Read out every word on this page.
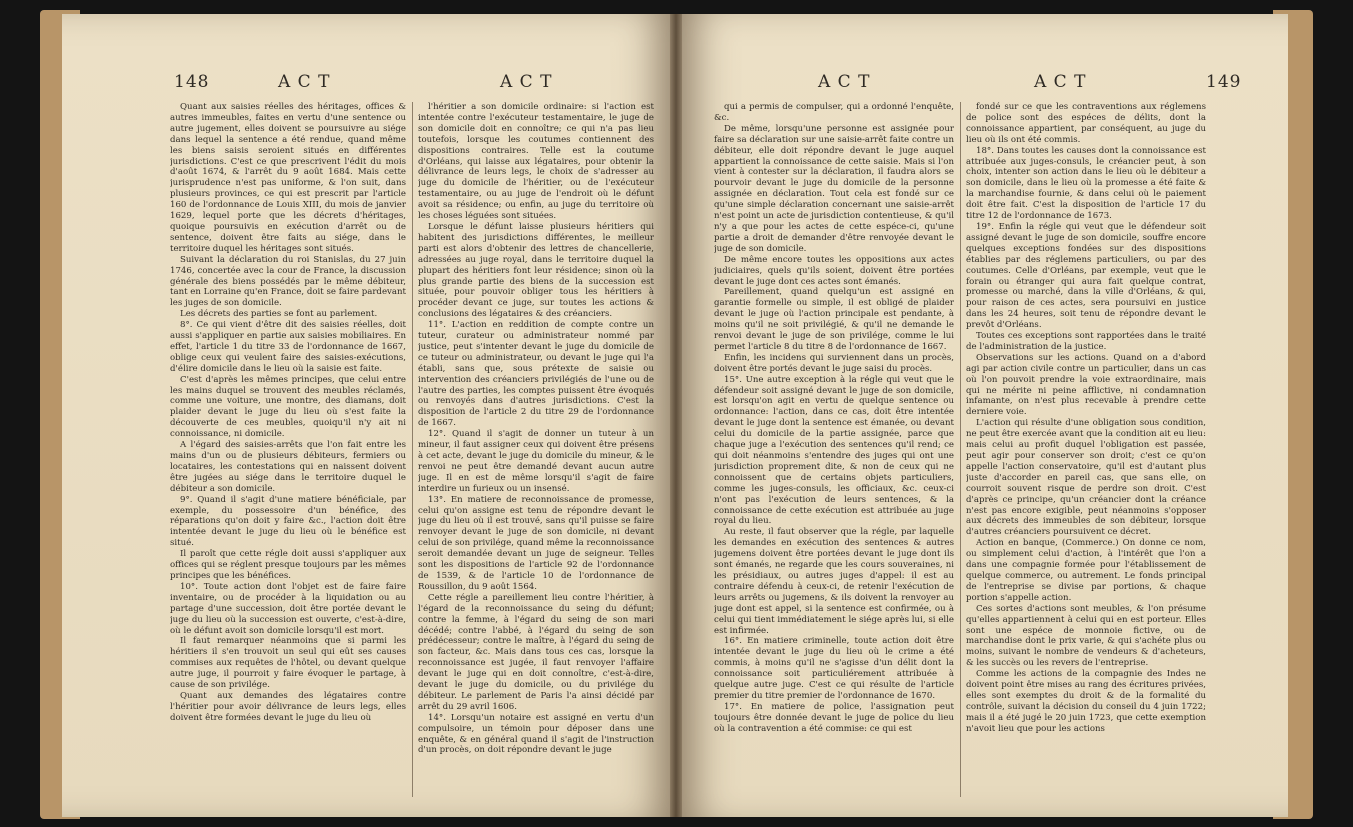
148	A C T	A C T

Quant aux saisies réelles des héritages, offices & autres immeubles, faites en vertu d'une sentence ou autre jugement, elles doivent se poursuivre au siége dans lequel la sentence a été rendue, quand même les biens saisis seroient situés en différentes jurisdictions. C'est ce que prescrivent l'édit du mois d'août 1674, & l'arrêt du 9 août 1684. Mais cette jurisprudence n'est pas uniforme, & l'on suit, dans plusieurs provinces, ce qui est prescrit par l'article 160 de l'ordonnance de Louis XIII, du mois de janvier 1629, lequel porte que les décrets d'héritages, quoique poursuivis en exécution d'arrêt ou de sentence, doivent être faits au siége, dans le territoire duquel les héritages sont situés.

Suivant la déclaration du roi Stanislas, du 27 juin 1746, concertée avec la cour de France, la discussion générale des biens possédés par le même débiteur, tant en Lorraine qu'en France, doit se faire pardevant les juges de son domicile.

Les décrets des parties se font au parlement.

8°. Ce qui vient d'être dit des saisies réelles, doit aussi s'appliquer en partie aux saisies mobiliaires. En effet, l'article 1 du titre 33 de l'ordonnance de 1667, oblige ceux qui veulent faire des saisies-exécutions, d'élire domicile dans le lieu où la saisie est faite.

C'est d'après les mêmes principes, que celui entre les mains duquel se trouvent des meubles réclamés, comme une voiture, une montre, des diamans, doit plaider devant le juge du lieu où s'est faite la découverte de ces meubles, quoiqu'il n'y ait ni connoissance, ni domicile.

A l'égard des saisies-arrêts que l'on fait entre les mains d'un ou de plusieurs débiteurs, fermiers ou locataires, les contestations qui en naissent doivent être jugées au siége dans le territoire duquel le débiteur a son domicile.

9°. Quand il s'agit d'une matiere bénéficiale, par exemple, du possessoire d'un bénéfice, des réparations qu'on doit y faire &c., l'action doit être intentée devant le juge du lieu où le bénéfice est situé.

Il paroît que cette régle doit aussi s'appliquer aux offices qui se réglent presque toujours par les mêmes principes que les bénéfices.

10°. Toute action dont l'objet est de faire faire inventaire, ou de procéder à la liquidation ou au partage d'une succession, doit être portée devant le juge du lieu où la succession est ouverte, c'est-à-dire, où le défunt avoit son domicile lorsqu'il est mort.

Il faut remarquer néanmoins que si parmi les héritiers il s'en trouvoit un seul qui eût ses causes commises aux requêtes de l'hôtel, ou devant quelque autre juge, il pourroit y faire évoquer le partage, à cause de son privilége.

Quant aux demandes des légataires contre l'héritier pour avoir délivrance de leurs legs, elles doivent être formées devant le juge du lieu où

l'héritier a son domicile ordinaire: si l'action est intentée contre l'exécuteur testamentaire, le juge de son domicile doit en connoître; ce qui n'a pas lieu toutefois, lorsque les coutumes contiennent des dispositions contraires. Telle est la coutume d'Orléans, qui laisse aux légataires, pour obtenir la délivrance de leurs legs, le choix de s'adresser au juge du domicile de l'héritier, ou de l'exécuteur testamentaire, ou au juge de l'endroit où le défunt avoit sa résidence; ou enfin, au juge du territoire où les choses léguées sont situées.

Lorsque le défunt laisse plusieurs héritiers qui habitent des jurisdictions différentes, le meilleur parti est alors d'obtenir des lettres de chancellerie, adressées au juge royal, dans le territoire duquel la plupart des héritiers font leur résidence; sinon où la plus grande partie des biens de la succession est située, pour pouvoir obliger tous les héritiers à procéder devant ce juge, sur toutes les actions & conclusions des légataires & des créanciers.

11°. L'action en reddition de compte contre un tuteur, curateur ou administrateur nommé par justice, peut s'intenter devant le juge du domicile de ce tuteur ou administrateur, ou devant le juge qui l'a établi, sans que, sous prétexte de saisie ou intervention des créanciers privilégiés de l'une ou de l'autre des parties, les comptes puissent être évoqués ou renvoyés dans d'autres jurisdictions. C'est la disposition de l'article 2 du titre 29 de l'ordonnance de 1667.

12°. Quand il s'agit de donner un tuteur à un mineur, il faut assigner ceux qui doivent être présens à cet acte, devant le juge du domicile du mineur, & le renvoi ne peut être demandé devant aucun autre juge. Il en est de même lorsqu'il s'agit de faire interdire un furieux ou un insensé.

13°. En matiere de reconnoissance de promesse, celui qu'on assigne est tenu de répondre devant le juge du lieu où il est trouvé, sans qu'il puisse se faire renvoyer devant le juge de son domicile, ni devant celui de son privilége, quand même la reconnoissance seroit demandée devant un juge de seigneur. Telles sont les dispositions de l'article 92 de l'ordonnance de 1539, & de l'article 10 de l'ordonnance de Roussillon, du 9 août 1564.

Cette régle a pareillement lieu contre l'héritier, à l'égard de la reconnoissance du seing du défunt; contre la femme, à l'égard du seing de son mari décédé; contre l'abbé, à l'égard du seing de son prédécesseur; contre le maître, à l'égard du seing de son facteur, &c. Mais dans tous ces cas, lorsque la reconnoissance est jugée, il faut renvoyer l'affaire devant le juge qui en doit connoître, c'est-à-dire, devant le juge du domicile, ou du privilége du débiteur. Le parlement de Paris l'a ainsi décidé par arrêt du 29 avril 1606.

14°. Lorsqu'un notaire est assigné en vertu d'un compulsoire, un témoin pour déposer dans une enquête, & en général quand il s'agit de l'instruction d'un procès, on doit répondre devant le juge

A C T	A C T	149

qui a permis de compulser, qui a ordonné l'enquête, &c.

De même, lorsqu'une personne est assignée pour faire sa déclaration sur une saisie-arrêt faite contre un débiteur, elle doit répondre devant le juge auquel appartient la connoissance de cette saisie. Mais si l'on vient à contester sur la déclaration, il faudra alors se pourvoir devant le juge du domicile de la personne assignée en déclaration. Tout cela est fondé sur ce qu'une simple déclaration concernant une saisie-arrêt n'est point un acte de jurisdiction contentieuse, & qu'il n'y a que pour les actes de cette espéce-ci, qu'une partie a droit de demander d'être renvoyée devant le juge de son domicile.

De même encore toutes les oppositions aux actes judiciaires, quels qu'ils soient, doivent être portées devant le juge dont ces actes sont émanés.

Pareillement, quand quelqu'un est assigné en garantie formelle ou simple, il est obligé de plaider devant le juge où l'action principale est pendante, à moins qu'il ne soit privilégié, & qu'il ne demande le renvoi devant le juge de son privilége, comme le lui permet l'article 8 du titre 8 de l'ordonnance de 1667.

Enfin, les incidens qui surviennent dans un procès, doivent être portés devant le juge saisi du procès.

15°. Une autre exception à la régle qui veut que le défendeur soit assigné devant le juge de son domicile, est lorsqu'on agit en vertu de quelque sentence ou ordonnance: l'action, dans ce cas, doit être intentée devant le juge dont la sentence est émanée, ou devant celui du domicile de la partie assignée, parce que chaque juge a l'exécution des sentences qu'il rend; ce qui doit néanmoins s'entendre des juges qui ont une jurisdiction proprement dite, & non de ceux qui ne connoissent que de certains objets particuliers, comme les juges-consuls, les officiaux, &c. ceux-ci n'ont pas l'exécution de leurs sentences, & la connoissance de cette exécution est attribuée au juge royal du lieu.

Au reste, il faut observer que la régle, par laquelle les demandes en exécution des sentences & autres jugemens doivent être portées devant le juge dont ils sont émanés, ne regarde que les cours souveraines, ni les présidiaux, ou autres juges d'appel: il est au contraire défendu à ceux-ci, de retenir l'exécution de leurs arrêts ou jugemens, & ils doivent la renvoyer au juge dont est appel, si la sentence est confirmée, ou à celui qui tient immédiatement le siége après lui, si elle est infirmée.

16°. En matiere criminelle, toute action doit être intentée devant le juge du lieu où le crime a été commis, à moins qu'il ne s'agisse d'un délit dont la connoissance soit particuliérement attribuée à quelque autre juge. C'est ce qui résulte de l'article premier du titre premier de l'ordonnance de 1670.

17°. En matiere de police, l'assignation peut toujours être donnée devant le juge de police du lieu où la contravention a été commise: ce qui est

fondé sur ce que les contraventions aux réglemens de police sont des espéces de délits, dont la connoissance appartient, par conséquent, au juge du lieu où ils ont été commis.

18°. Dans toutes les causes dont la connoissance est attribuée aux juges-consuls, le créancier peut, à son choix, intenter son action dans le lieu où le débiteur a son domicile, dans le lieu où la promesse a été faite & la marchandise fournie, & dans celui où le paiement doit être fait. C'est la disposition de l'article 17 du titre 12 de l'ordonnance de 1673.

19°. Enfin la régle qui veut que le défendeur soit assigné devant le juge de son domicile, souffre encore quelques exceptions fondées sur des dispositions établies par des réglemens particuliers, ou par des coutumes. Celle d'Orléans, par exemple, veut que le forain ou étranger qui aura fait quelque contrat, promesse ou marché, dans la ville d'Orléans, & qui, pour raison de ces actes, sera poursuivi en justice dans les 24 heures, soit tenu de répondre devant le prevôt d'Orléans.

Toutes ces exceptions sont rapportées dans le traité de l'administration de la justice.

Observations sur les actions. Quand on a d'abord agi par action civile contre un particulier, dans un cas où l'on pouvoit prendre la voie extraordinaire, mais qui ne mérite ni peine afflictive, ni condamnation infamante, on n'est plus recevable à prendre cette derniere voie.

L'action qui résulte d'une obligation sous condition, ne peut être exercée avant que la condition ait eu lieu: mais celui au profit duquel l'obligation est passée, peut agir pour conserver son droit; c'est ce qu'on appelle l'action conservatoire, qu'il est d'autant plus juste d'accorder en pareil cas, que sans elle, on courroit souvent risque de perdre son droit. C'est d'après ce principe, qu'un créancier dont la créance n'est pas encore exigible, peut néanmoins s'opposer aux décrets des immeubles de son débiteur, lorsque d'autres créanciers poursuivent ce décret.

Action en banque, (Commerce.) On donne ce nom, ou simplement celui d'action, à l'intérêt que l'on a dans une compagnie formée pour l'établissement de quelque commerce, ou autrement. Le fonds principal de l'entreprise se divise par portions, & chaque portion s'appelle action.

Ces sortes d'actions sont meubles, & l'on présume qu'elles appartiennent à celui qui en est porteur. Elles sont une espéce de monnoie fictive, ou de marchandise dont le prix varie, & qui s'achéte plus ou moins, suivant le nombre de vendeurs & d'acheteurs, & les succès ou les revers de l'entreprise.

Comme les actions de la compagnie des Indes ne doivent point être mises au rang des écritures privées, elles sont exemptes du droit & de la formalité du contrôle, suivant la décision du conseil du 4 juin 1722; mais il a été jugé le 20 juin 1723, que cette exemption n'avoit lieu que pour les actions
